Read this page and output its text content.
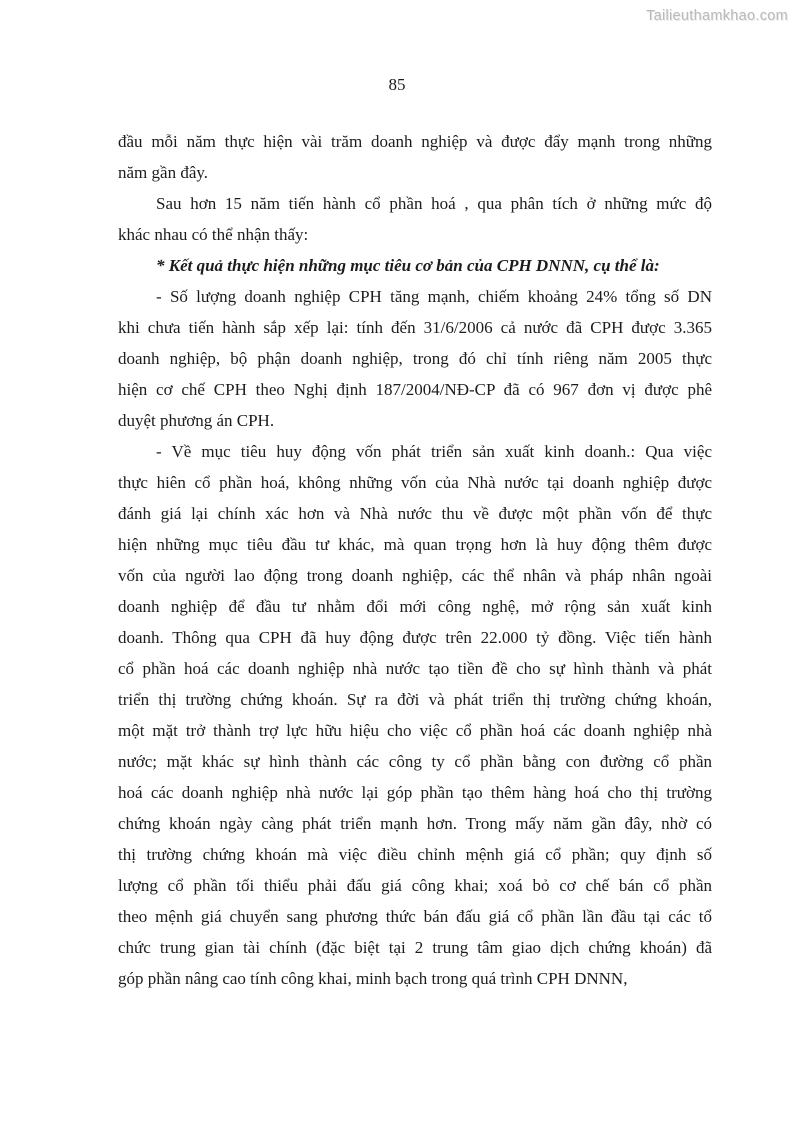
Tailieuthamkhao.com
85
đầu mỗi năm thực hiện vài trăm doanh nghiệp và được đẩy mạnh trong những
năm gần đây.
Sau hơn 15 năm tiến hành cổ phần hoá , qua phân tích ở những mức độ
khác nhau có thể nhận thấy:
* Kết quả thực hiện những mục tiêu cơ bản của CPH DNNN, cụ thể là:
- Số lượng doanh nghiệp CPH tăng mạnh, chiếm khoảng 24% tổng số DN
khi chưa tiến hành sắp xếp lại: tính đến 31/6/2006 cả nước đã CPH được 3.365
doanh nghiệp, bộ phận doanh nghiệp, trong đó chỉ tính riêng năm 2005 thực
hiện cơ chế CPH theo Nghị định 187/2004/NĐ-CP đã có 967 đơn vị được phê
duyệt phương án CPH.
- Về mục tiêu huy động vốn phát triển sản xuất kinh doanh.: Qua việc
thực hiên cổ phần hoá, không những vốn của Nhà nước tại doanh nghiệp được
đánh giá lại chính xác hơn và Nhà nước thu về được một phần vốn để thực
hiện những mục tiêu đầu tư khác, mà quan trọng hơn là huy động thêm được
vốn của người lao động trong doanh nghiệp, các thể nhân và pháp nhân ngoài
doanh nghiệp để đầu tư nhằm đổi mới công nghệ, mở rộng sản xuất kinh
doanh. Thông qua CPH đã huy động được trên 22.000 tỷ đồng. Việc tiến hành
cổ phần hoá các doanh nghiệp nhà nước tạo tiền đề cho sự hình thành và phát
triển thị trường chứng khoán. Sự ra đời và phát triển thị trường chứng khoán,
một mặt trở thành trợ lực hữu hiệu cho việc cổ phần hoá các doanh nghiệp nhà
nước; mặt khác sự hình thành các công ty cổ phần bằng con đường cổ phần
hoá các doanh nghiệp nhà nước lại góp phần tạo thêm hàng hoá cho thị trường
chứng khoán ngày càng phát triển mạnh hơn. Trong mấy năm gần đây, nhờ có
thị trường chứng khoán mà việc điều chỉnh mệnh giá cổ phần; quy định số
lượng cổ phần tối thiểu phải đấu giá công khai; xoá bỏ cơ chế bán cổ phần
theo mệnh giá chuyển sang phương thức bán đấu giá cổ phần lần đầu tại các tổ
chức trung gian tài chính (đặc biệt tại 2 trung tâm giao dịch chứng khoán) đã
góp phần nâng cao tính công khai, minh bạch trong quá trình CPH DNNN,
